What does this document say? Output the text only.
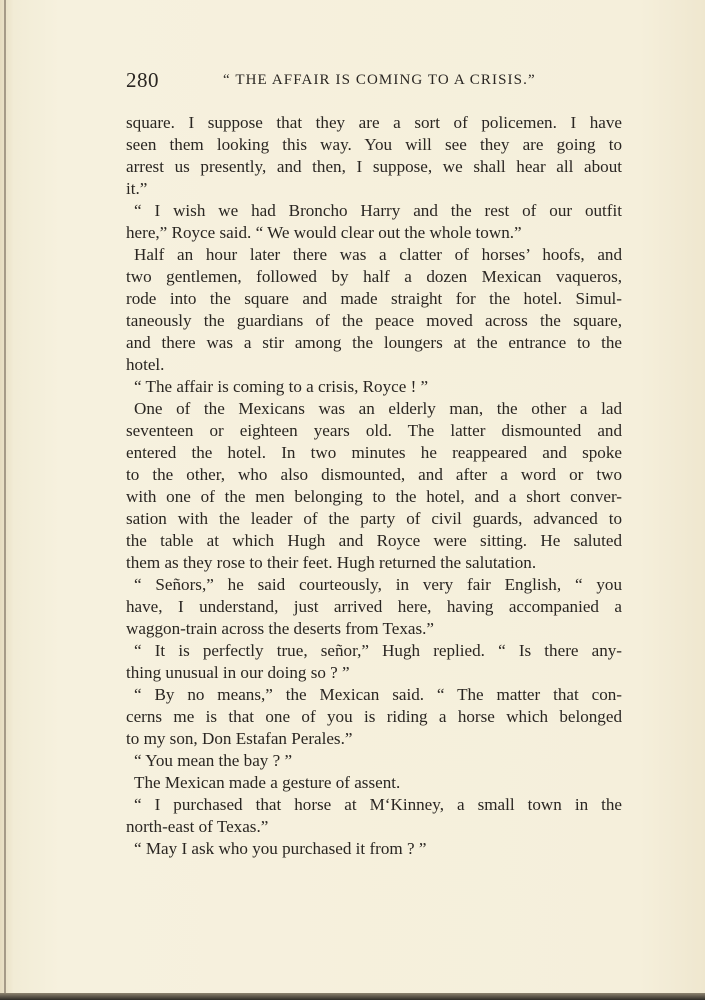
280	“ THE AFFAIR IS COMING TO A CRISIS.”
square. I suppose that they are a sort of policemen. I have
seen them looking this way. You will see they are going to
arrest us presently, and then, I suppose, we shall hear all about
it.”
“ I wish we had Broncho Harry and the rest of our outfit
here,” Royce said. “ We would clear out the whole town.”
Half an hour later there was a clatter of horses’ hoofs, and
two gentlemen, followed by half a dozen Mexican vaqueros,
rode into the square and made straight for the hotel. Simul-
taneously the guardians of the peace moved across the square,
and there was a stir among the loungers at the entrance to the
hotel.
“ The affair is coming to a crisis, Royce ! ”
One of the Mexicans was an elderly man, the other a lad
seventeen or eighteen years old. The latter dismounted and
entered the hotel. In two minutes he reappeared and spoke
to the other, who also dismounted, and after a word or two
with one of the men belonging to the hotel, and a short conver-
sation with the leader of the party of civil guards, advanced to
the table at which Hugh and Royce were sitting. He saluted
them as they rose to their feet. Hugh returned the salutation.
“ Señors,” he said courteously, in very fair English, “ you
have, I understand, just arrived here, having accompanied a
waggon-train across the deserts from Texas.”
“ It is perfectly true, señor,” Hugh replied. “ Is there any-
thing unusual in our doing so ? ”
“ By no means,” the Mexican said. “ The matter that con-
cerns me is that one of you is riding a horse which belonged
to my son, Don Estafan Perales.”
“ You mean the bay ? ”
The Mexican made a gesture of assent.
“ I purchased that horse at M‘Kinney, a small town in the
north-east of Texas.”
“ May I ask who you purchased it from ? ”
